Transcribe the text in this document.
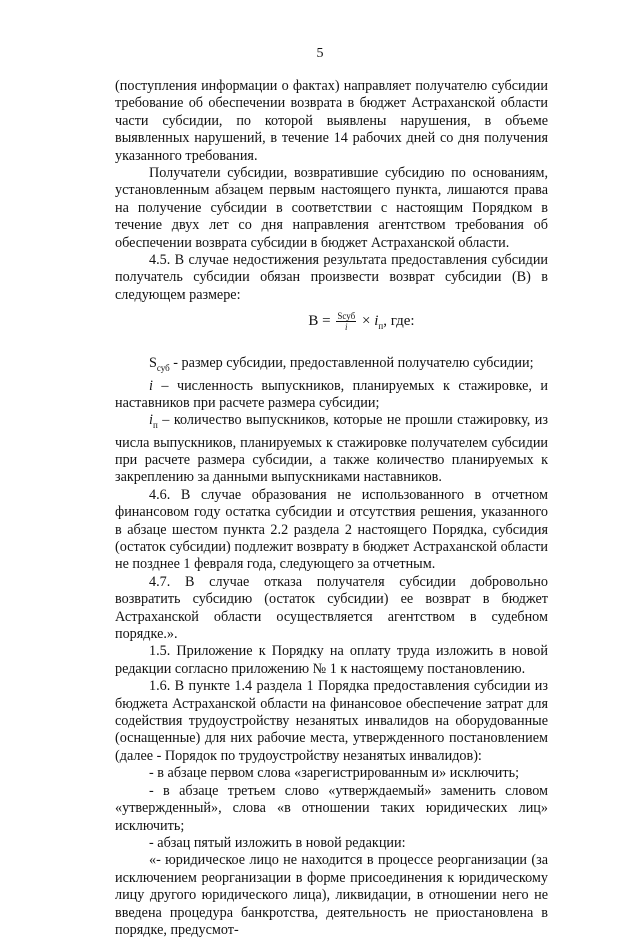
5

(поступления информации о фактах) направляет получателю субсидии требование об обеспечении возврата в бюджет Астраханской области части субсидии, по которой выявлены нарушения, в объеме выявленных нарушений, в течение 14 рабочих дней со дня получения указанного требования.

Получатели субсидии, возвратившие субсидию по основаниям, установленным абзацем первым настоящего пункта, лишаются права на получение субсидии в соответствии с настоящим Порядком в течение двух лет со дня направления агентством требования об обеспечении возврата субсидии в бюджет Астраханской области.

4.5. В случае недостижения результата предоставления субсидии получатель субсидии обязан произвести возврат субсидии (В) в следующем размере:

$В = \frac{\text{Sсуб}}{i} \times i_п$, где:

$S_{суб}$ - размер субсидии, предоставленной получателю субсидии;

i – численность выпускников, планируемых к стажировке, и наставников при расчете размера субсидии;

$i_п$ – количество выпускников, которые не прошли стажировку, из числа выпускников, планируемых к стажировке получателем субсидии при расчете размера субсидии, а также количество планируемых к закреплению за данными выпускниками наставников.

4.6. В случае образования не использованного в отчетном финансовом году остатка субсидии и отсутствия решения, указанного в абзаце шестом пункта 2.2 раздела 2 настоящего Порядка, субсидия (остаток субсидии) подлежит возврату в бюджет Астраханской области не позднее 1 февраля года, следующего за отчетным.

4.7. В случае отказа получателя субсидии добровольно возвратить субсидию (остаток субсидии) ее возврат в бюджет Астраханской области осуществляется агентством в судебном порядке.».

1.5. Приложение к Порядку на оплату труда изложить в новой редакции согласно приложению № 1 к настоящему постановлению.

1.6. В пункте 1.4 раздела 1 Порядка предоставления субсидии из бюджета Астраханской области на финансовое обеспечение затрат для содействия трудоустройству незанятых инвалидов на оборудованные (оснащенные) для них рабочие места, утвержденного постановлением (далее - Порядок по трудоустройству незанятых инвалидов):

- в абзаце первом слова «зарегистрированным и» исключить;

- в абзаце третьем слово «утверждаемый» заменить словом «утвержденный», слова «в отношении таких юридических лиц» исключить;

- абзац пятый изложить в новой редакции:

«- юридическое лицо не находится в процессе реорганизации (за исключением реорганизации в форме присоединения к юридическому лицу другого юридического лица), ликвидации, в отношении него не введена процедура банкротства, деятельность не приостановлена в порядке, предусмот-
